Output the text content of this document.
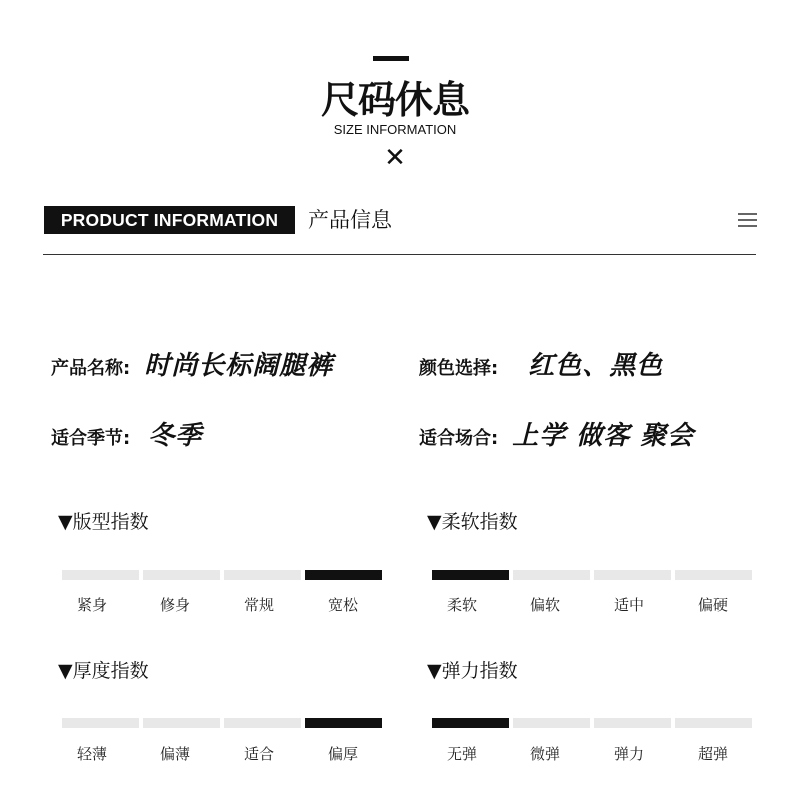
尺码休息
SIZE INFORMATION
✕
PRODUCT INFORMATION	产品信息
产品名称: 时尚长标阔腿裤	颜色选择: 红色、黑色
适合季节: 冬季	适合场合: 上学 做客 聚会
▼版型指数
紧身	修身	常规	宽松
▼柔软指数
柔软	偏软	适中	偏硬
▼厚度指数
轻薄	偏薄	适合	偏厚
▼弹力指数
无弹	微弹	弹力	超弹
